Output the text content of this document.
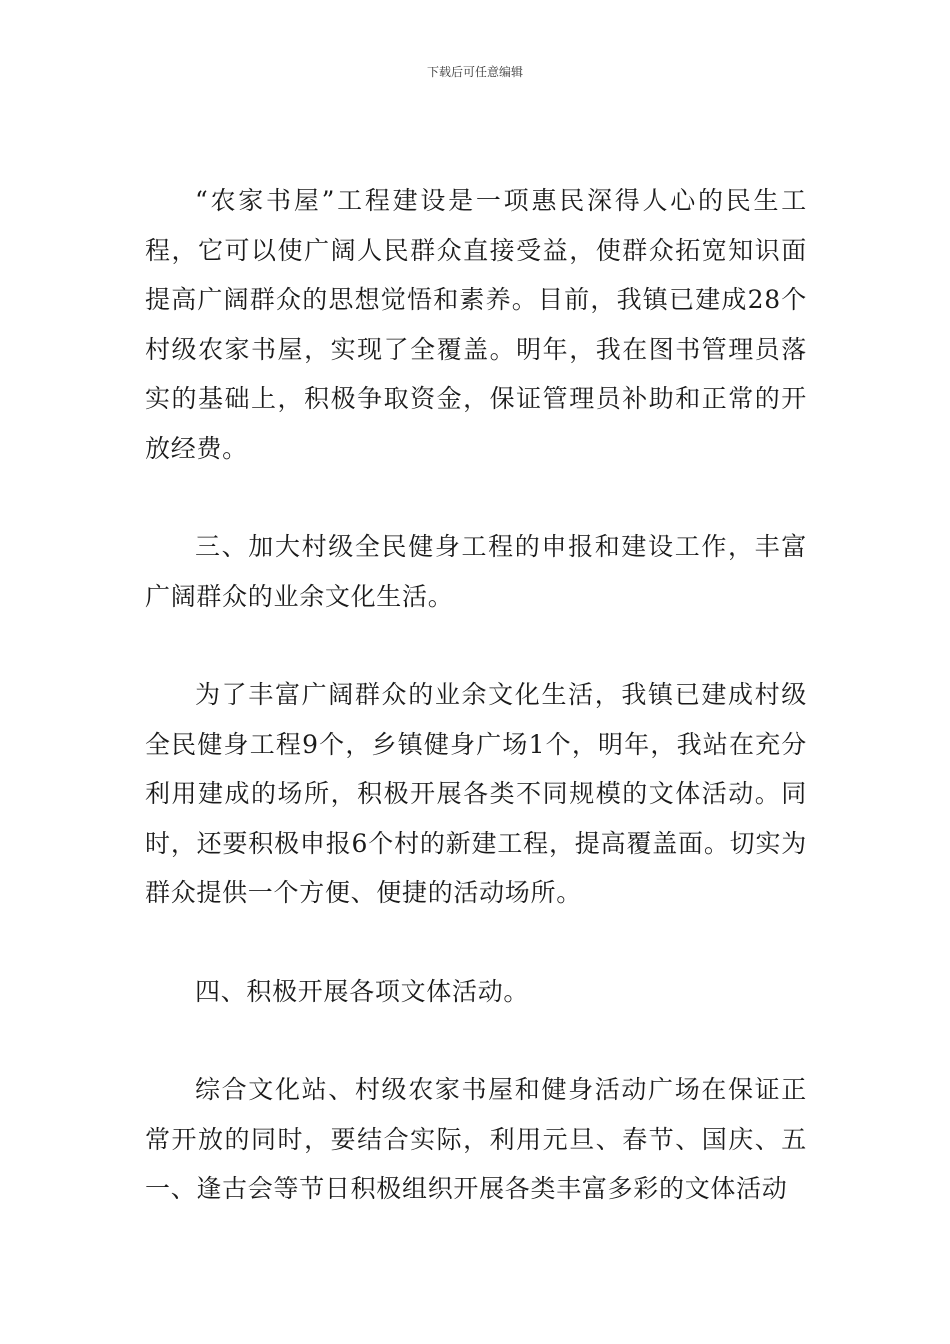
下载后可任意编辑

“农家书屋”工程建设是一项惠民深得人心的民生工程，它可以使广阔人民群众直接受益，使群众拓宽知识面提高广阔群众的思想觉悟和素养。目前，我镇已建成28个村级农家书屋，实现了全覆盖。明年，我在图书管理员落实的基础上，积极争取资金，保证管理员补助和正常的开放经费。

三、加大村级全民健身工程的申报和建设工作，丰富广阔群众的业余文化生活。

为了丰富广阔群众的业余文化生活，我镇已建成村级全民健身工程9个，乡镇健身广场1个，明年，我站在充分利用建成的场所，积极开展各类不同规模的文体活动。同时，还要积极申报6个村的新建工程，提高覆盖面。切实为群众提供一个方便、便捷的活动场所。

四、积极开展各项文体活动。

综合文化站、村级农家书屋和健身活动广场在保证正常开放的同时，要结合实际，利用元旦、春节、国庆、五一、逢古会等节日积极组织开展各类丰富多彩的文体活动
